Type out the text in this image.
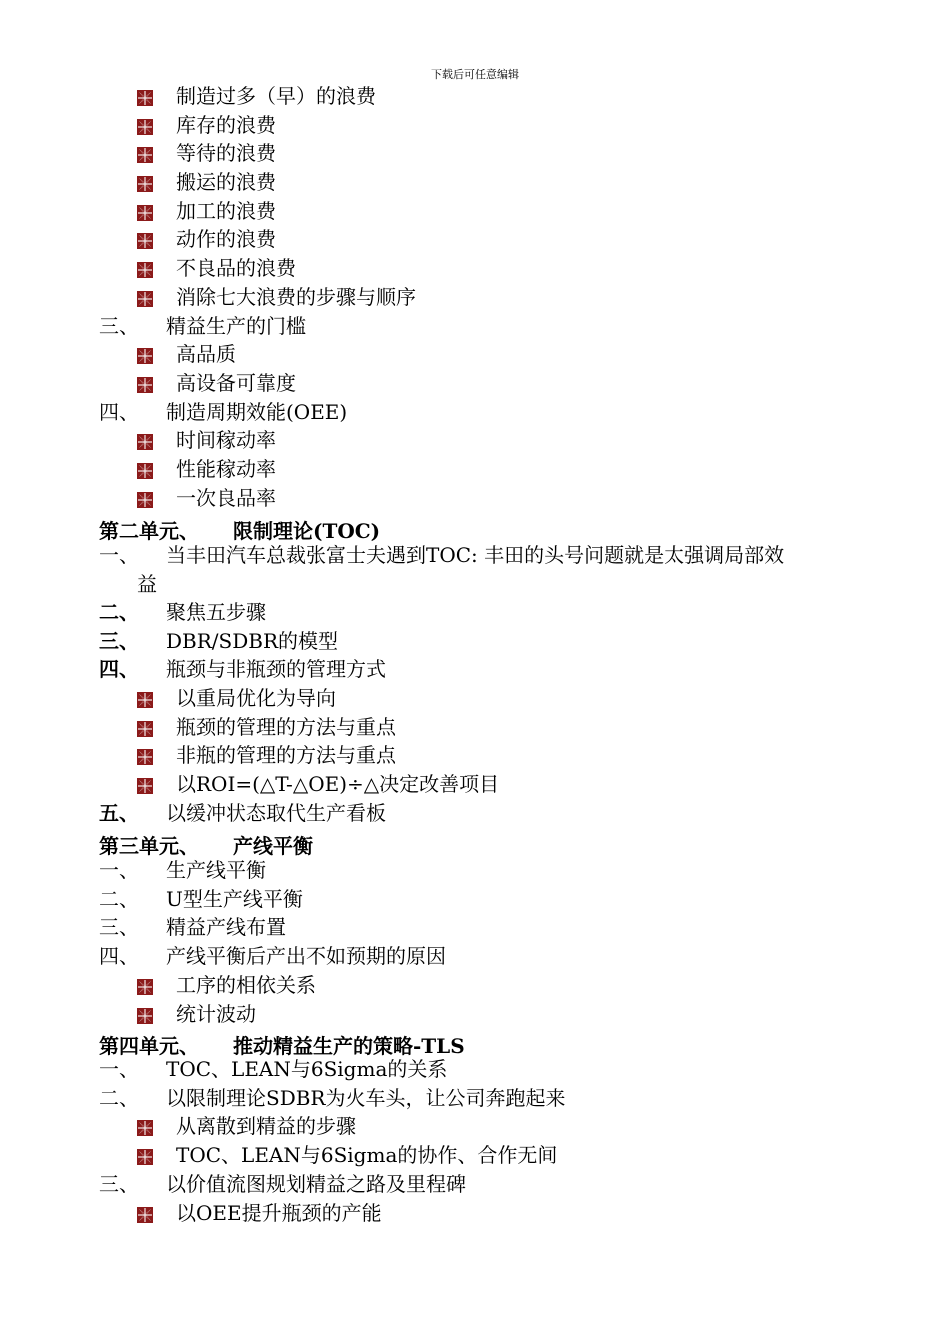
下载后可任意编辑
制造过多（早）的浪费
库存的浪费
等待的浪费
搬运的浪费
加工的浪费
动作的浪费
不良品的浪费
消除七大浪费的步骤与顺序
三、 精益生产的门槛
高品质
高设备可靠度
四、 制造周期效能(OEE)
时间稼动率
性能稼动率
一次良品率
第二单元、 限制理论(TOC)
一、 当丰田汽车总裁张富士夫遇到TOC: 丰田的头号问题就是太强调局部效
益
二、 聚焦五步骤
三、 DBR/SDBR的模型
四、 瓶颈与非瓶颈的管理方式
以重局优化为导向
瓶颈的管理的方法与重点
非瓶的管理的方法与重点
以ROI=(△T-△OE)÷△决定改善项目
五、 以缓冲状态取代生产看板
第三单元、 产线平衡
一、 生产线平衡
二、 U型生产线平衡
三、 精益产线布置
四、 产线平衡后产出不如预期的原因
工序的相依关系
统计波动
第四单元、 推动精益生产的策略-TLS
一、 TOC、LEAN与6Sigma的关系
二、 以限制理论SDBR为火车头，让公司奔跑起来
从离散到精益的步骤
TOC、LEAN与6Sigma的协作、合作无间
三、 以价值流图规划精益之路及里程碑
以OEE提升瓶颈的产能
